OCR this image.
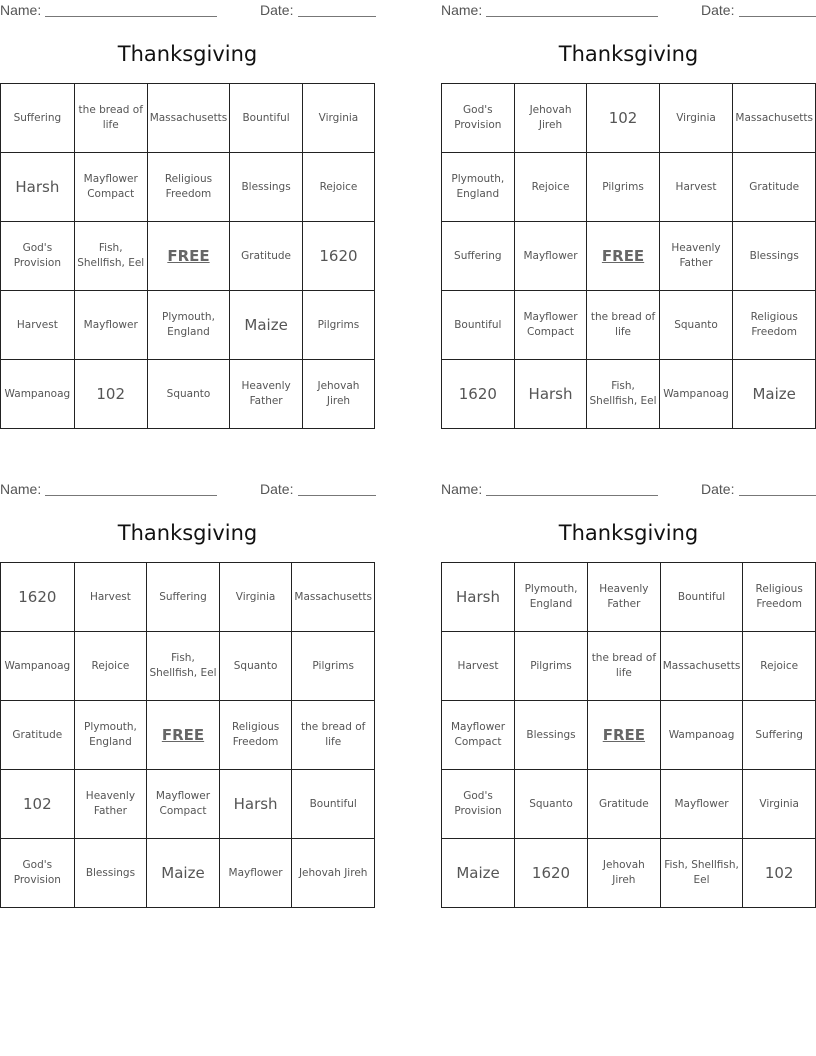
Name:	Date:
Thanksgiving
Suffering	the bread of life	Massachusetts	Bountiful	Virginia
Harsh	Mayflower Compact	Religious Freedom	Blessings	Rejoice
God's Provision	Fish, Shellfish, Eel	FREE	Gratitude	1620
Harvest	Mayflower	Plymouth, England	Maize	Pilgrims
Wampanoag	102	Squanto	Heavenly Father	Jehovah Jireh
Name:	Date:
Thanksgiving
God's Provision	Jehovah Jireh	102	Virginia	Massachusetts
Plymouth, England	Rejoice	Pilgrims	Harvest	Gratitude
Suffering	Mayflower	FREE	Heavenly Father	Blessings
Bountiful	Mayflower Compact	the bread of life	Squanto	Religious Freedom
1620	Harsh	Fish, Shellfish, Eel	Wampanoag	Maize
Name:	Date:
Thanksgiving
1620	Harvest	Suffering	Virginia	Massachusetts
Wampanoag	Rejoice	Fish, Shellfish, Eel	Squanto	Pilgrims
Gratitude	Plymouth, England	FREE	Religious Freedom	the bread of life
102	Heavenly Father	Mayflower Compact	Harsh	Bountiful
God's Provision	Blessings	Maize	Mayflower	Jehovah Jireh
Name:	Date:
Thanksgiving
Harsh	Plymouth, England	Heavenly Father	Bountiful	Religious Freedom
Harvest	Pilgrims	the bread of life	Massachusetts	Rejoice
Mayflower Compact	Blessings	FREE	Wampanoag	Suffering
God's Provision	Squanto	Gratitude	Mayflower	Virginia
Maize	1620	Jehovah Jireh	Fish, Shellfish, Eel	102
